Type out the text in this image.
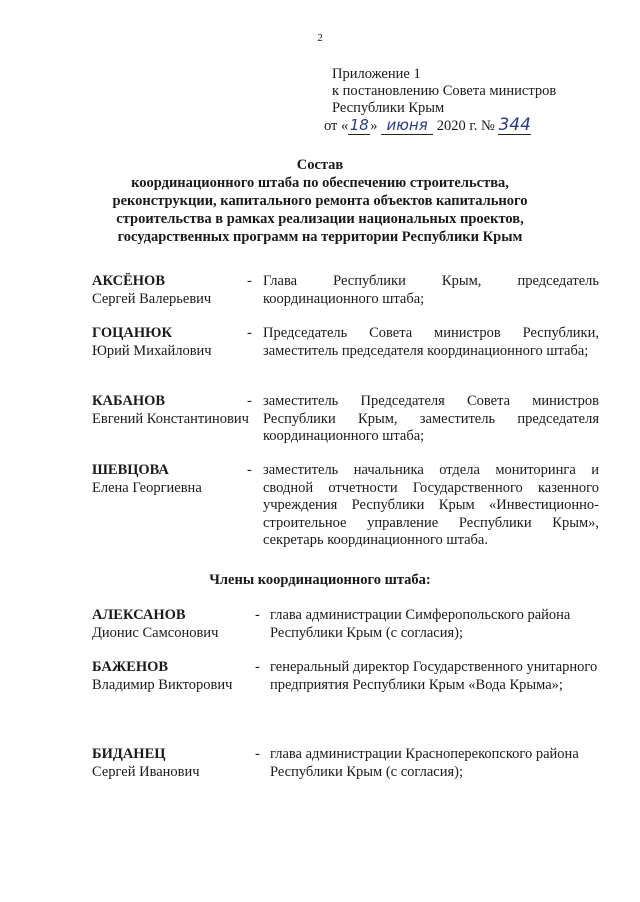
2
Приложение 1
к постановлению Совета министров
Республики Крым
от «18» июня 2020 г. № 344
Состав
координационного штаба по обеспечению строительства,
реконструкции, капитального ремонта объектов капитального
строительства в рамках реализации национальных проектов,
государственных программ на территории Республики Крым
АКСЁНОВ
Сергей Валерьевич
- Глава Республики Крым, председатель координационного штаба;
ГОЦАНЮК
Юрий Михайлович
- Председатель Совета министров Республики, заместитель председателя координационного штаба;
КАБАНОВ
Евгений Константинович
- заместитель Председателя Совета министров Республики Крым, заместитель председателя координационного штаба;
ШЕВЦОВА
Елена Георгиевна
- заместитель начальника отдела мониторинга и сводной отчетности Государственного казенного учреждения Республики Крым «Инвестиционно-строительное управление Республики Крым», секретарь координационного штаба.
Члены координационного штаба:
АЛЕКСАНОВ
Дионис Самсонович
- глава администрации Симферопольского района Республики Крым (с согласия);
БАЖЕНОВ
Владимир Викторович
- генеральный директор Государственного унитарного предприятия Республики Крым «Вода Крыма»;
БИДАНЕЦ
Сергей Иванович
- глава администрации Красноперекопского района Республики Крым (с согласия);
